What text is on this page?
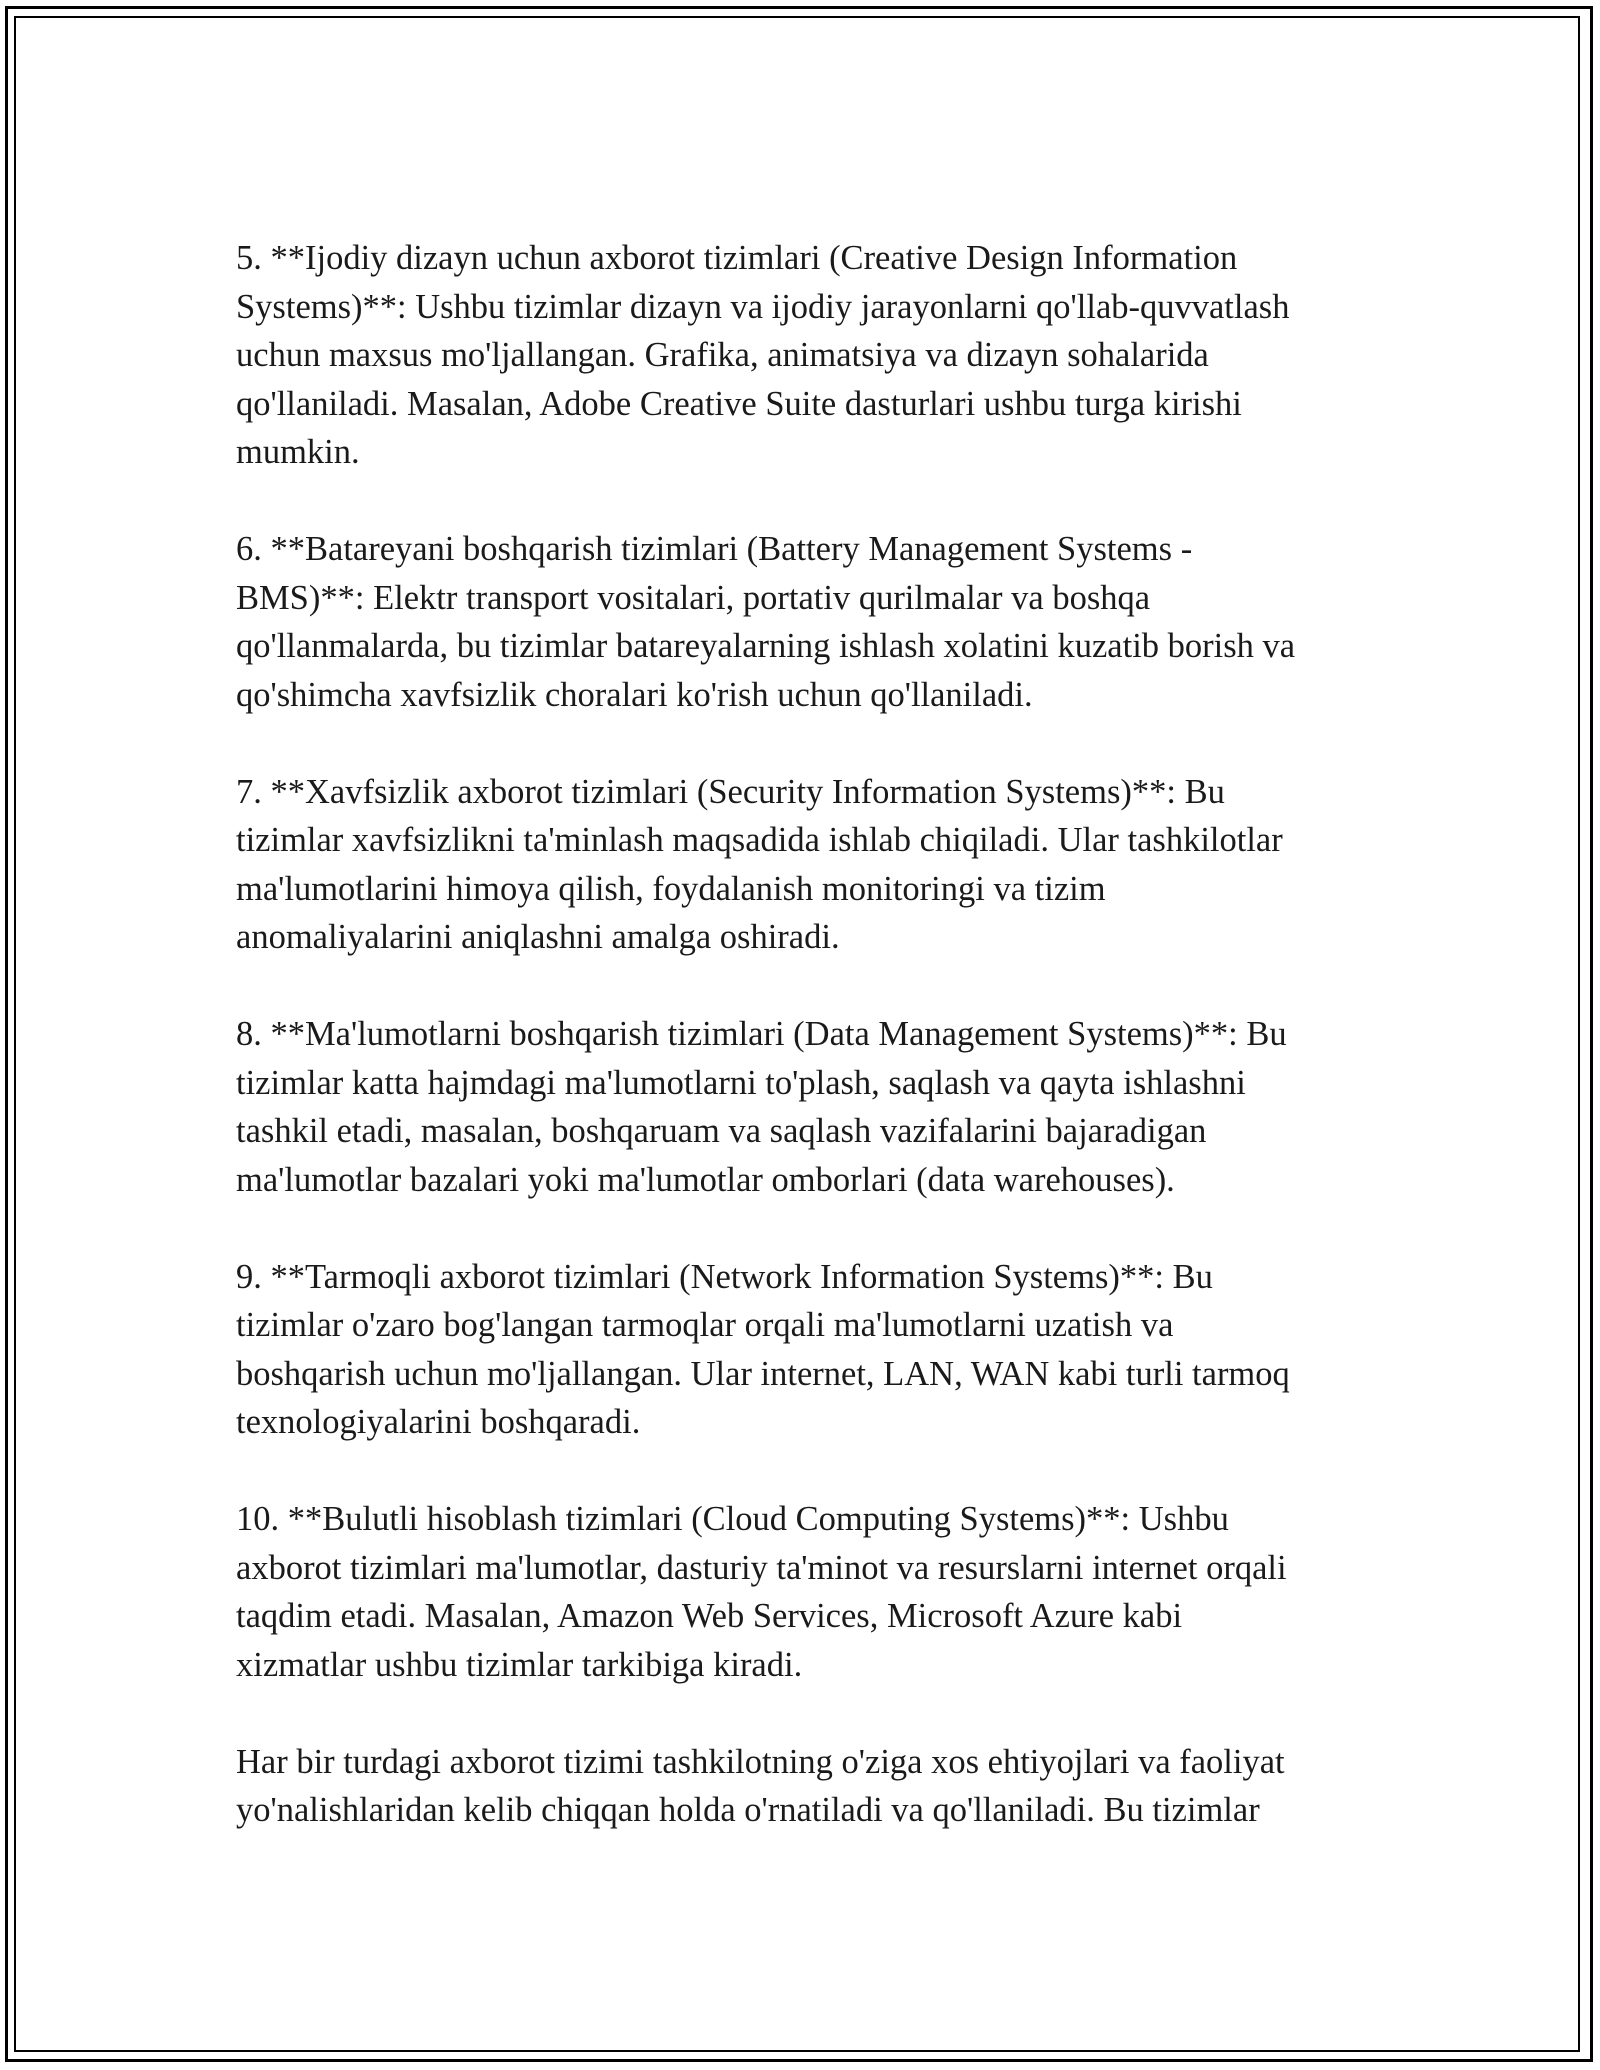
5. **Ijodiy dizayn uchun axborot tizimlari (Creative Design Information
Systems)**: Ushbu tizimlar dizayn va ijodiy jarayonlarni qo'llab-quvvatlash
uchun maxsus mo'ljallangan. Grafika, animatsiya va dizayn sohalarida
qo'llaniladi. Masalan, Adobe Creative Suite dasturlari ushbu turga kirishi
mumkin.

6. **Batareyani boshqarish tizimlari (Battery Management Systems -
BMS)**: Elektr transport vositalari, portativ qurilmalar va boshqa
qo'llanmalarda, bu tizimlar batareyalarning ishlash xolatini kuzatib borish va
qo'shimcha xavfsizlik choralari ko'rish uchun qo'llaniladi.

7. **Xavfsizlik axborot tizimlari (Security Information Systems)**: Bu
tizimlar xavfsizlikni ta'minlash maqsadida ishlab chiqiladi. Ular tashkilotlar
ma'lumotlarini himoya qilish, foydalanish monitoringi va tizim
anomaliyalarini aniqlashni amalga oshiradi.

8. **Ma'lumotlarni boshqarish tizimlari (Data Management Systems)**: Bu
tizimlar katta hajmdagi ma'lumotlarni to'plash, saqlash va qayta ishlashni
tashkil etadi, masalan, boshqaruam va saqlash vazifalarini bajaradigan
ma'lumotlar bazalari yoki ma'lumotlar omborlari (data warehouses).

9. **Tarmoqli axborot tizimlari (Network Information Systems)**: Bu
tizimlar o'zaro bog'langan tarmoqlar orqali ma'lumotlarni uzatish va
boshqarish uchun mo'ljallangan. Ular internet, LAN, WAN kabi turli tarmoq
texnologiyalarini boshqaradi.

10. **Bulutli hisoblash tizimlari (Cloud Computing Systems)**: Ushbu
axborot tizimlari ma'lumotlar, dasturiy ta'minot va resurslarni internet orqali
taqdim etadi. Masalan, Amazon Web Services, Microsoft Azure kabi
xizmatlar ushbu tizimlar tarkibiga kiradi.

Har bir turdagi axborot tizimi tashkilotning o'ziga xos ehtiyojlari va faoliyat
yo'nalishlaridan kelib chiqqan holda o'rnatiladi va qo'llaniladi. Bu tizimlar
